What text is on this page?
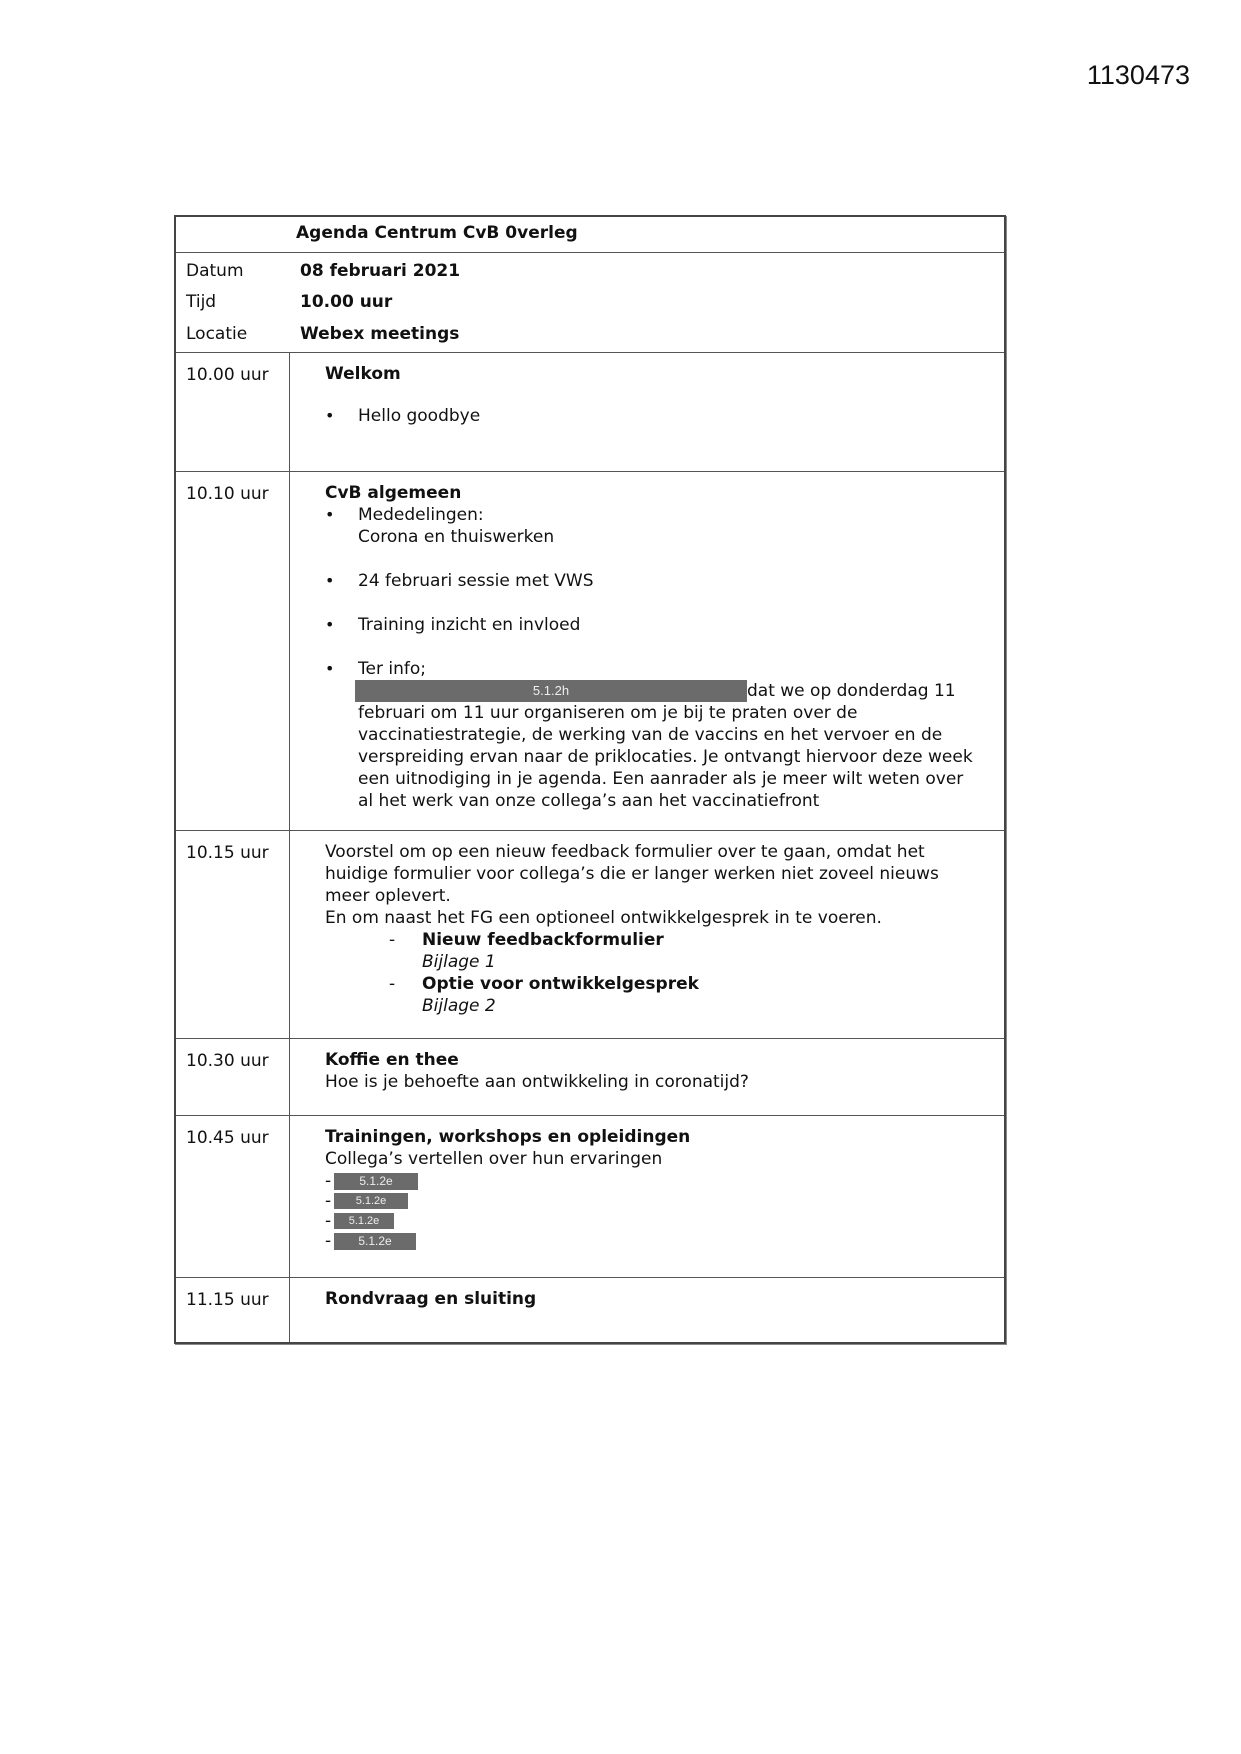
1130473
Agenda Centrum CvB 0verleg
Datum	08 februari 2021
Tijd	10.00 uur
Locatie	Webex meetings
10.00 uur	Welkom
• Hello goodbye
10.10 uur	CvB algemeen
• Mededelingen:
Corona en thuiswerken
• 24 februari sessie met VWS
• Training inzicht en invloed
• Ter info;
5.1.2h	dat we op donderdag 11
februari om 11 uur organiseren om je bij te praten over de vaccinatiestrategie, de werking van de vaccins en het vervoer en de verspreiding ervan naar de priklocaties. Je ontvangt hiervoor deze week een uitnodiging in je agenda. Een aanrader als je meer wilt weten over al het werk van onze collega’s aan het vaccinatiefront
10.15 uur	Voorstel om op een nieuw feedback formulier over te gaan, omdat het huidige formulier voor collega’s die er langer werken niet zoveel nieuws meer oplevert.
En om naast het FG een optioneel ontwikkelgesprek in te voeren.
- Nieuw feedbackformulier
Bijlage 1
- Optie voor ontwikkelgesprek
Bijlage 2
10.30 uur	Koffie en thee
Hoe is je behoefte aan ontwikkeling in coronatijd?
10.45 uur	Trainingen, workshops en opleidingen
Collega’s vertellen over hun ervaringen
- 5.1.2e
- 5.1.2e
- 5.1.2e
- 5.1.2e
11.15 uur	Rondvraag en sluiting
